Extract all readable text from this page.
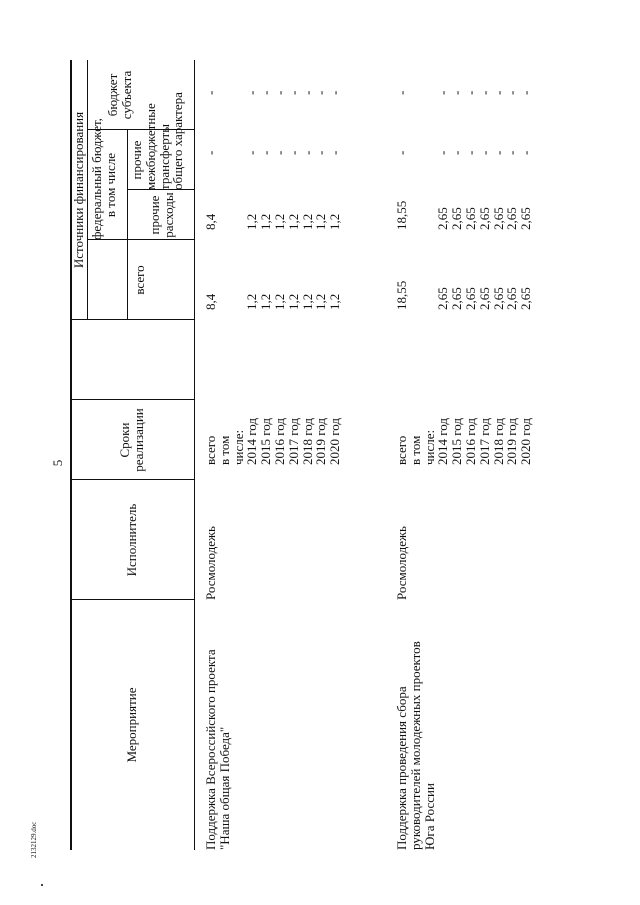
5
2132129.doc
Мероприятие
Исполнитель
Сроки
реализации
Источники финансирования
всего
федеральный бюджет,
в том числе прочие
расходы
прочие
межбюджетные
трансферты
общего характера
бюджет
субъекта
Поддержка Всероссийского проекта
"Наша общая Победа"
Росмолодежь
всего
в том
числе:
2014 год
2015 год
2016 год
2017 год
2018 год
2019 год
2020 год
8,4 1,2
1,2
1,2
1,2
1,2
1,2
1,2
8,4 1,2
1,2
1,2
1,2
1,2
1,2
1,2
- -
-
-
-
-
-
-
- -
-
-
-
-
-
-
Поддержка проведения сбора
руководителей молодежных проектов
Юга России
Росмолодежь
всего
в том
числе:
2014 год
2015 год
2016 год
2017 год
2018 год
2019 год
2020 год
18,55 2,65
2,65
2,65
2,65
2,65
2,65
2,65
18,55 2,65
2,65
2,65
2,65
2,65
2,65
2,65
- -
-
-
-
-
-
-
- -
-
-
-
-
-
-
